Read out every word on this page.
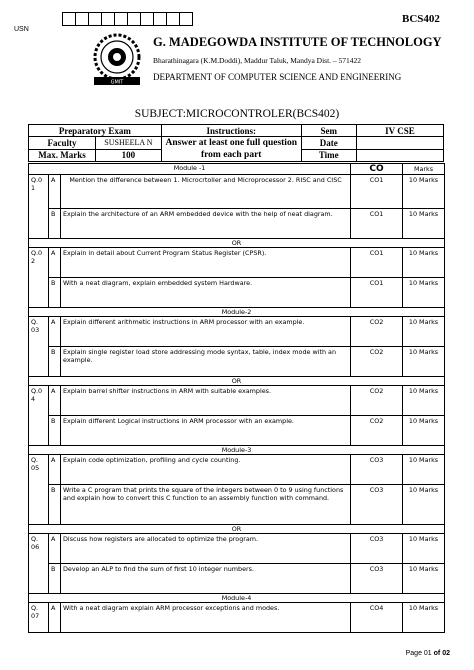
USN
BCS402
GMIT
G. MADEGOWDA INSTITUTE OF TECHNOLOGY
Bharathinagara (K.M.Doddi), Maddur Taluk, Mandya Dist. – 571422
DEPARTMENT OF COMPUTER SCIENCE AND ENGINEERING
SUBJECT:MICROCONTROLER(BCS402)
Preparatory Exam		Instructions:	Sem	IV CSE
Faculty	SUSHEELA N	Answer at least one full question from each part	Date	
Max. Marks	100		Time	
Module -1			CO	Marks
Q.0 1	A	Mention the difference between 1. Microcrtoller and Microprocessor 2. RISC and CISC	CO1	10 Marks
	B	Explain the architecture of an ARM embedded device with the help of neat diagram.	CO1	10 Marks
OR				
Q.0 2	A	Explain in detail about Current Program Status Register (CPSR).	CO1	10 Marks
	B	With a neat diagram, explain embedded system Hardware.	CO1	10 Marks
Module-2				
Q. 03	A	Explain different arithmetic instructions in ARM processor with an example.	CO2	10 Marks
	B	Explain single register load store addressing mode syntax, table, index mode with an example.	CO2	10 Marks
OR				
Q.0 4	A	Explain barrel shifter instructions in ARM with suitable examples.	CO2	10 Marks
	B	Explain different Logical instructions in ARM processor with an example.	CO2	10 Marks
Module-3				
Q. 05	A	Explain code optimization, profiling and cycle counting.	CO3	10 Marks
	B	Write a C program that prints the square of the integers between 0 to 9 using functions and explain how to convert this C function to an assembly function with command.	CO3	10 Marks
OR				
Q. 06	A	Discuss how registers are allocated to optimize the program.	CO3	10 Marks
	B	Develop an ALP to find the sum of first 10 integer numbers.	CO3	10 Marks
Module-4				
Q. 07	A	With a neat diagram explain ARM processor exceptions and modes.	CO4	10 Marks
Page 01 of 02
